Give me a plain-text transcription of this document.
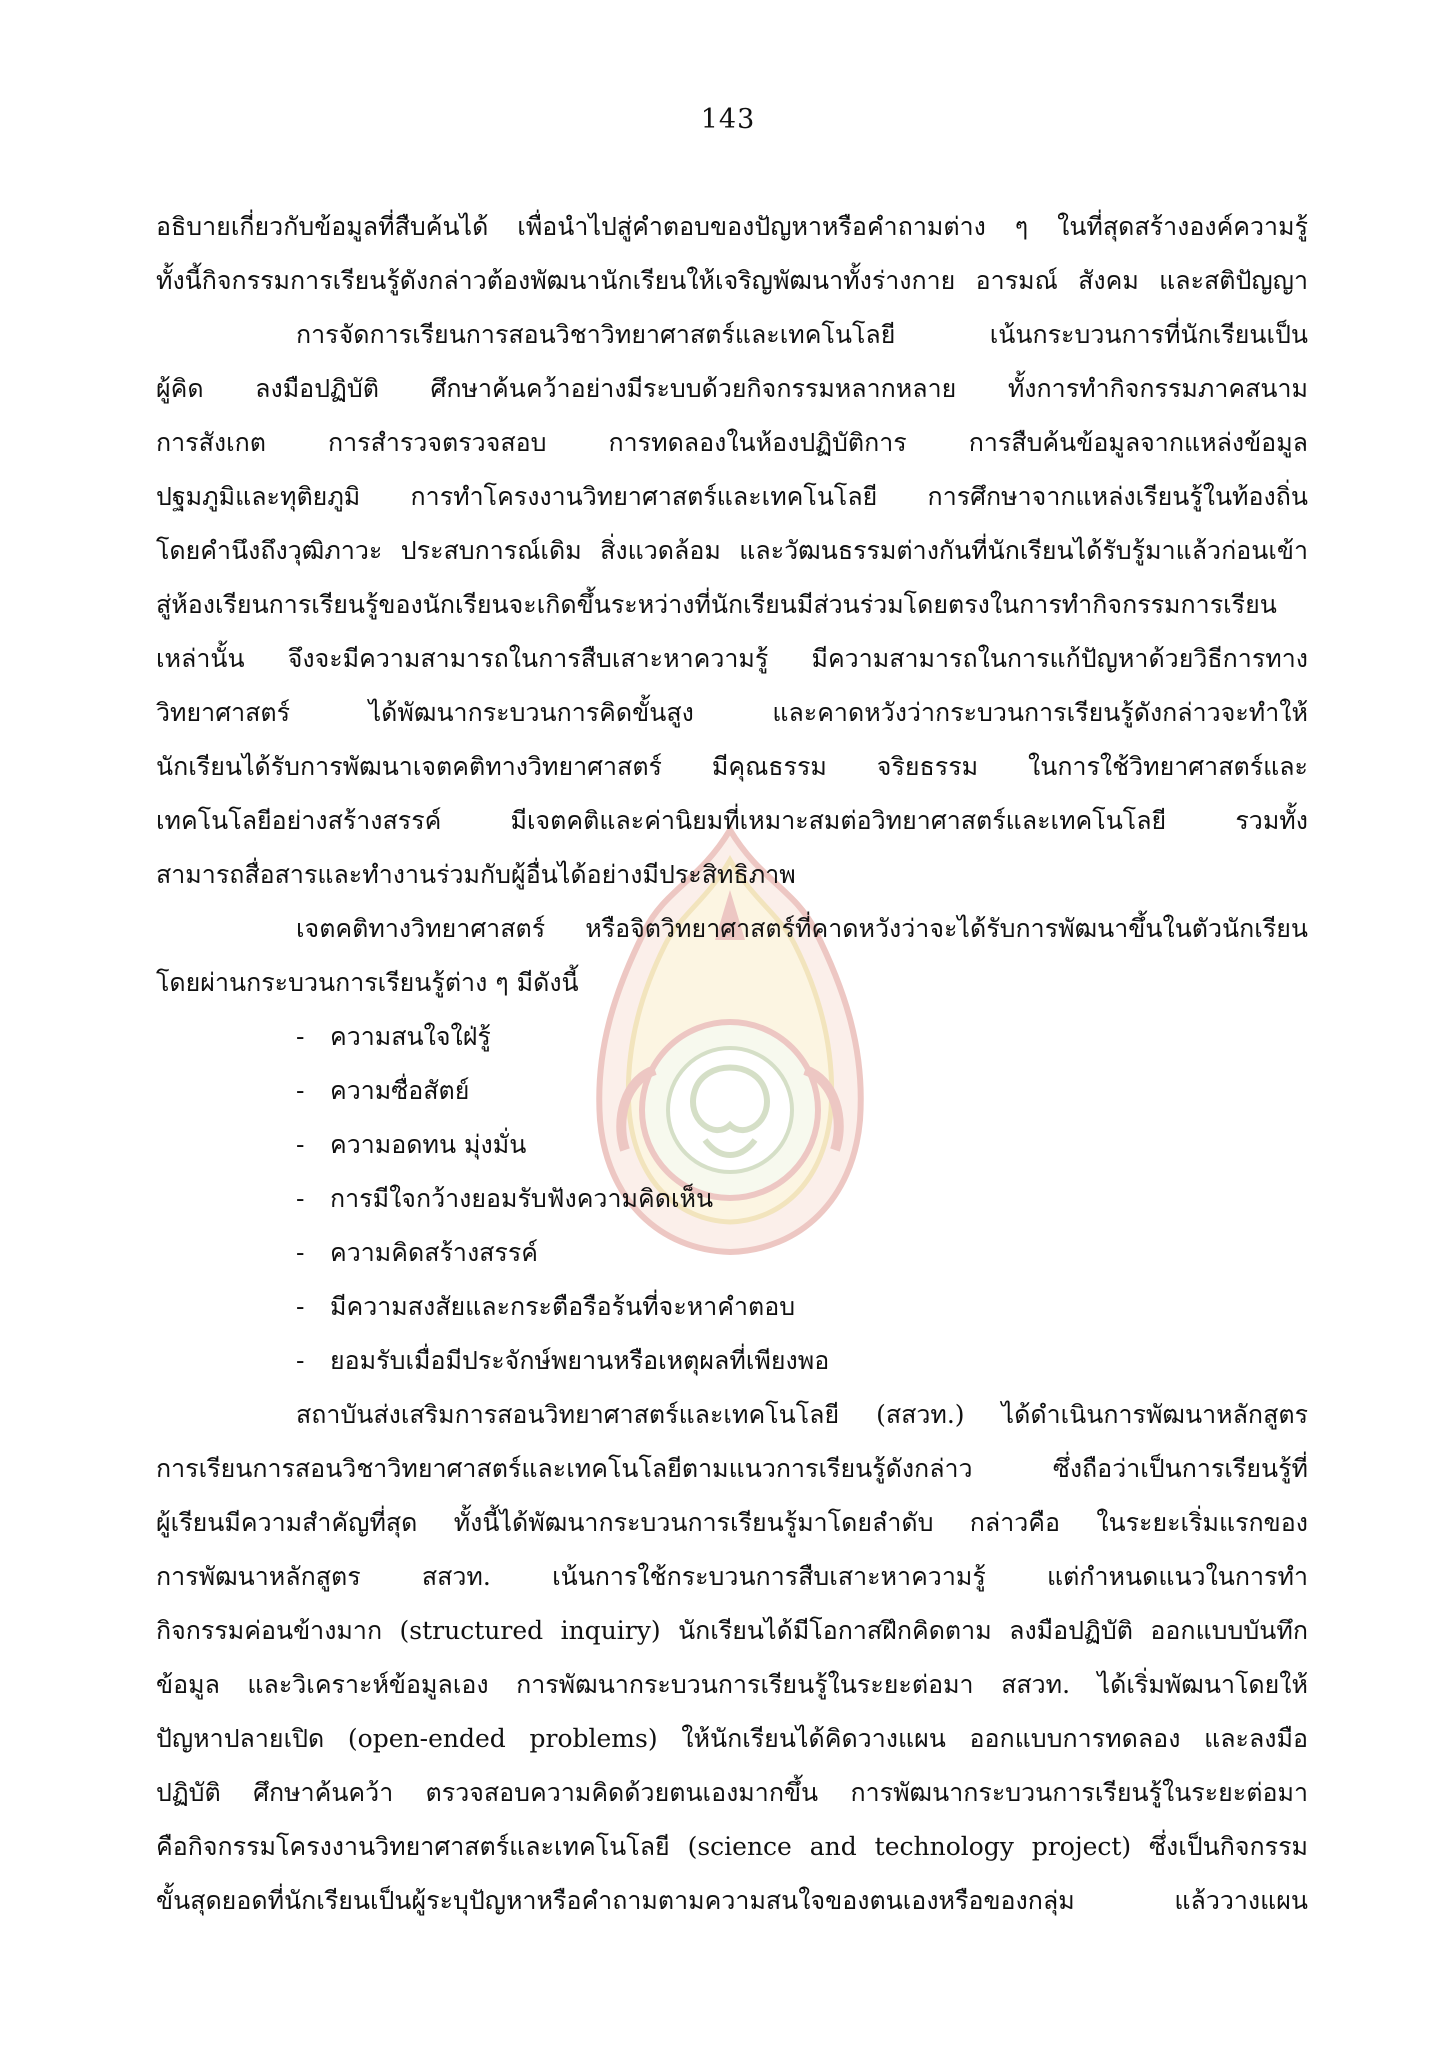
143
อธิบายเกี่ยวกับข้อมูลที่สืบค้นได้ เพื่อนำไปสู่คำตอบของปัญหาหรือคำถามต่าง ๆ ในที่สุดสร้างองค์ความรู้
ทั้งนี้กิจกรรมการเรียนรู้ดังกล่าวต้องพัฒนานักเรียนให้เจริญพัฒนาทั้งร่างกาย อารมณ์ สังคม และสติปัญญา
การจัดการเรียนการสอนวิชาวิทยาศาสตร์และเทคโนโลยี เน้นกระบวนการที่นักเรียนเป็น
ผู้คิด ลงมือปฏิบัติ ศึกษาค้นคว้าอย่างมีระบบด้วยกิจกรรมหลากหลาย ทั้งการทำกิจกรรมภาคสนาม
การสังเกต การสำรวจตรวจสอบ การทดลองในห้องปฏิบัติการ การสืบค้นข้อมูลจากแหล่งข้อมูล
ปฐมภูมิและทุติยภูมิ การทำโครงงานวิทยาศาสตร์และเทคโนโลยี การศึกษาจากแหล่งเรียนรู้ในท้องถิ่น
โดยคำนึงถึงวุฒิภาวะ ประสบการณ์เดิม สิ่งแวดล้อม และวัฒนธรรมต่างกันที่นักเรียนได้รับรู้มาแล้วก่อนเข้า
สู่ห้องเรียนการเรียนรู้ของนักเรียนจะเกิดขึ้นระหว่างที่นักเรียนมีส่วนร่วมโดยตรงในการทำกิจกรรมการเรียน
เหล่านั้น จึงจะมีความสามารถในการสืบเสาะหาความรู้ มีความสามารถในการแก้ปัญหาด้วยวิธีการทาง
วิทยาศาสตร์ ได้พัฒนากระบวนการคิดขั้นสูง และคาดหวังว่ากระบวนการเรียนรู้ดังกล่าวจะทำให้
นักเรียนได้รับการพัฒนาเจตคติทางวิทยาศาสตร์ มีคุณธรรม จริยธรรม ในการใช้วิทยาศาสตร์และ
เทคโนโลยีอย่างสร้างสรรค์ มีเจตคติและค่านิยมที่เหมาะสมต่อวิทยาศาสตร์และเทคโนโลยี รวมทั้ง
สามารถสื่อสารและทำงานร่วมกับผู้อื่นได้อย่างมีประสิทธิภาพ
เจตคติทางวิทยาศาสตร์ หรือจิตวิทยาศาสตร์ที่คาดหวังว่าจะได้รับการพัฒนาขึ้นในตัวนักเรียน
โดยผ่านกระบวนการเรียนรู้ต่าง ๆ มีดังนี้
- ความสนใจใฝ่รู้
- ความซื่อสัตย์
- ความอดทน มุ่งมั่น
- การมีใจกว้างยอมรับฟังความคิดเห็น
- ความคิดสร้างสรรค์
- มีความสงสัยและกระตือรือร้นที่จะหาคำตอบ
- ยอมรับเมื่อมีประจักษ์พยานหรือเหตุผลที่เพียงพอ
สถาบันส่งเสริมการสอนวิทยาศาสตร์และเทคโนโลยี (สสวท.) ได้ดำเนินการพัฒนาหลักสูตร
การเรียนการสอนวิชาวิทยาศาสตร์และเทคโนโลยีตามแนวการเรียนรู้ดังกล่าว ซึ่งถือว่าเป็นการเรียนรู้ที่
ผู้เรียนมีความสำคัญที่สุด ทั้งนี้ได้พัฒนากระบวนการเรียนรู้มาโดยลำดับ กล่าวคือ ในระยะเริ่มแรกของ
การพัฒนาหลักสูตร สสวท. เน้นการใช้กระบวนการสืบเสาะหาความรู้ แต่กำหนดแนวในการทำ
กิจกรรมค่อนข้างมาก (structured inquiry) นักเรียนได้มีโอกาสฝึกคิดตาม ลงมือปฏิบัติ ออกแบบบันทึก
ข้อมูล และวิเคราะห์ข้อมูลเอง การพัฒนากระบวนการเรียนรู้ในระยะต่อมา สสวท. ได้เริ่มพัฒนาโดยให้
ปัญหาปลายเปิด (open-ended problems) ให้นักเรียนได้คิดวางแผน ออกแบบการทดลอง และลงมือ
ปฏิบัติ ศึกษาค้นคว้า ตรวจสอบความคิดด้วยตนเองมากขึ้น การพัฒนากระบวนการเรียนรู้ในระยะต่อมา
คือกิจกรรมโครงงานวิทยาศาสตร์และเทคโนโลยี (science and technology project) ซึ่งเป็นกิจกรรม
ขั้นสุดยอดที่นักเรียนเป็นผู้ระบุปัญหาหรือคำถามตามความสนใจของตนเองหรือของกลุ่ม แล้ววางแผน
